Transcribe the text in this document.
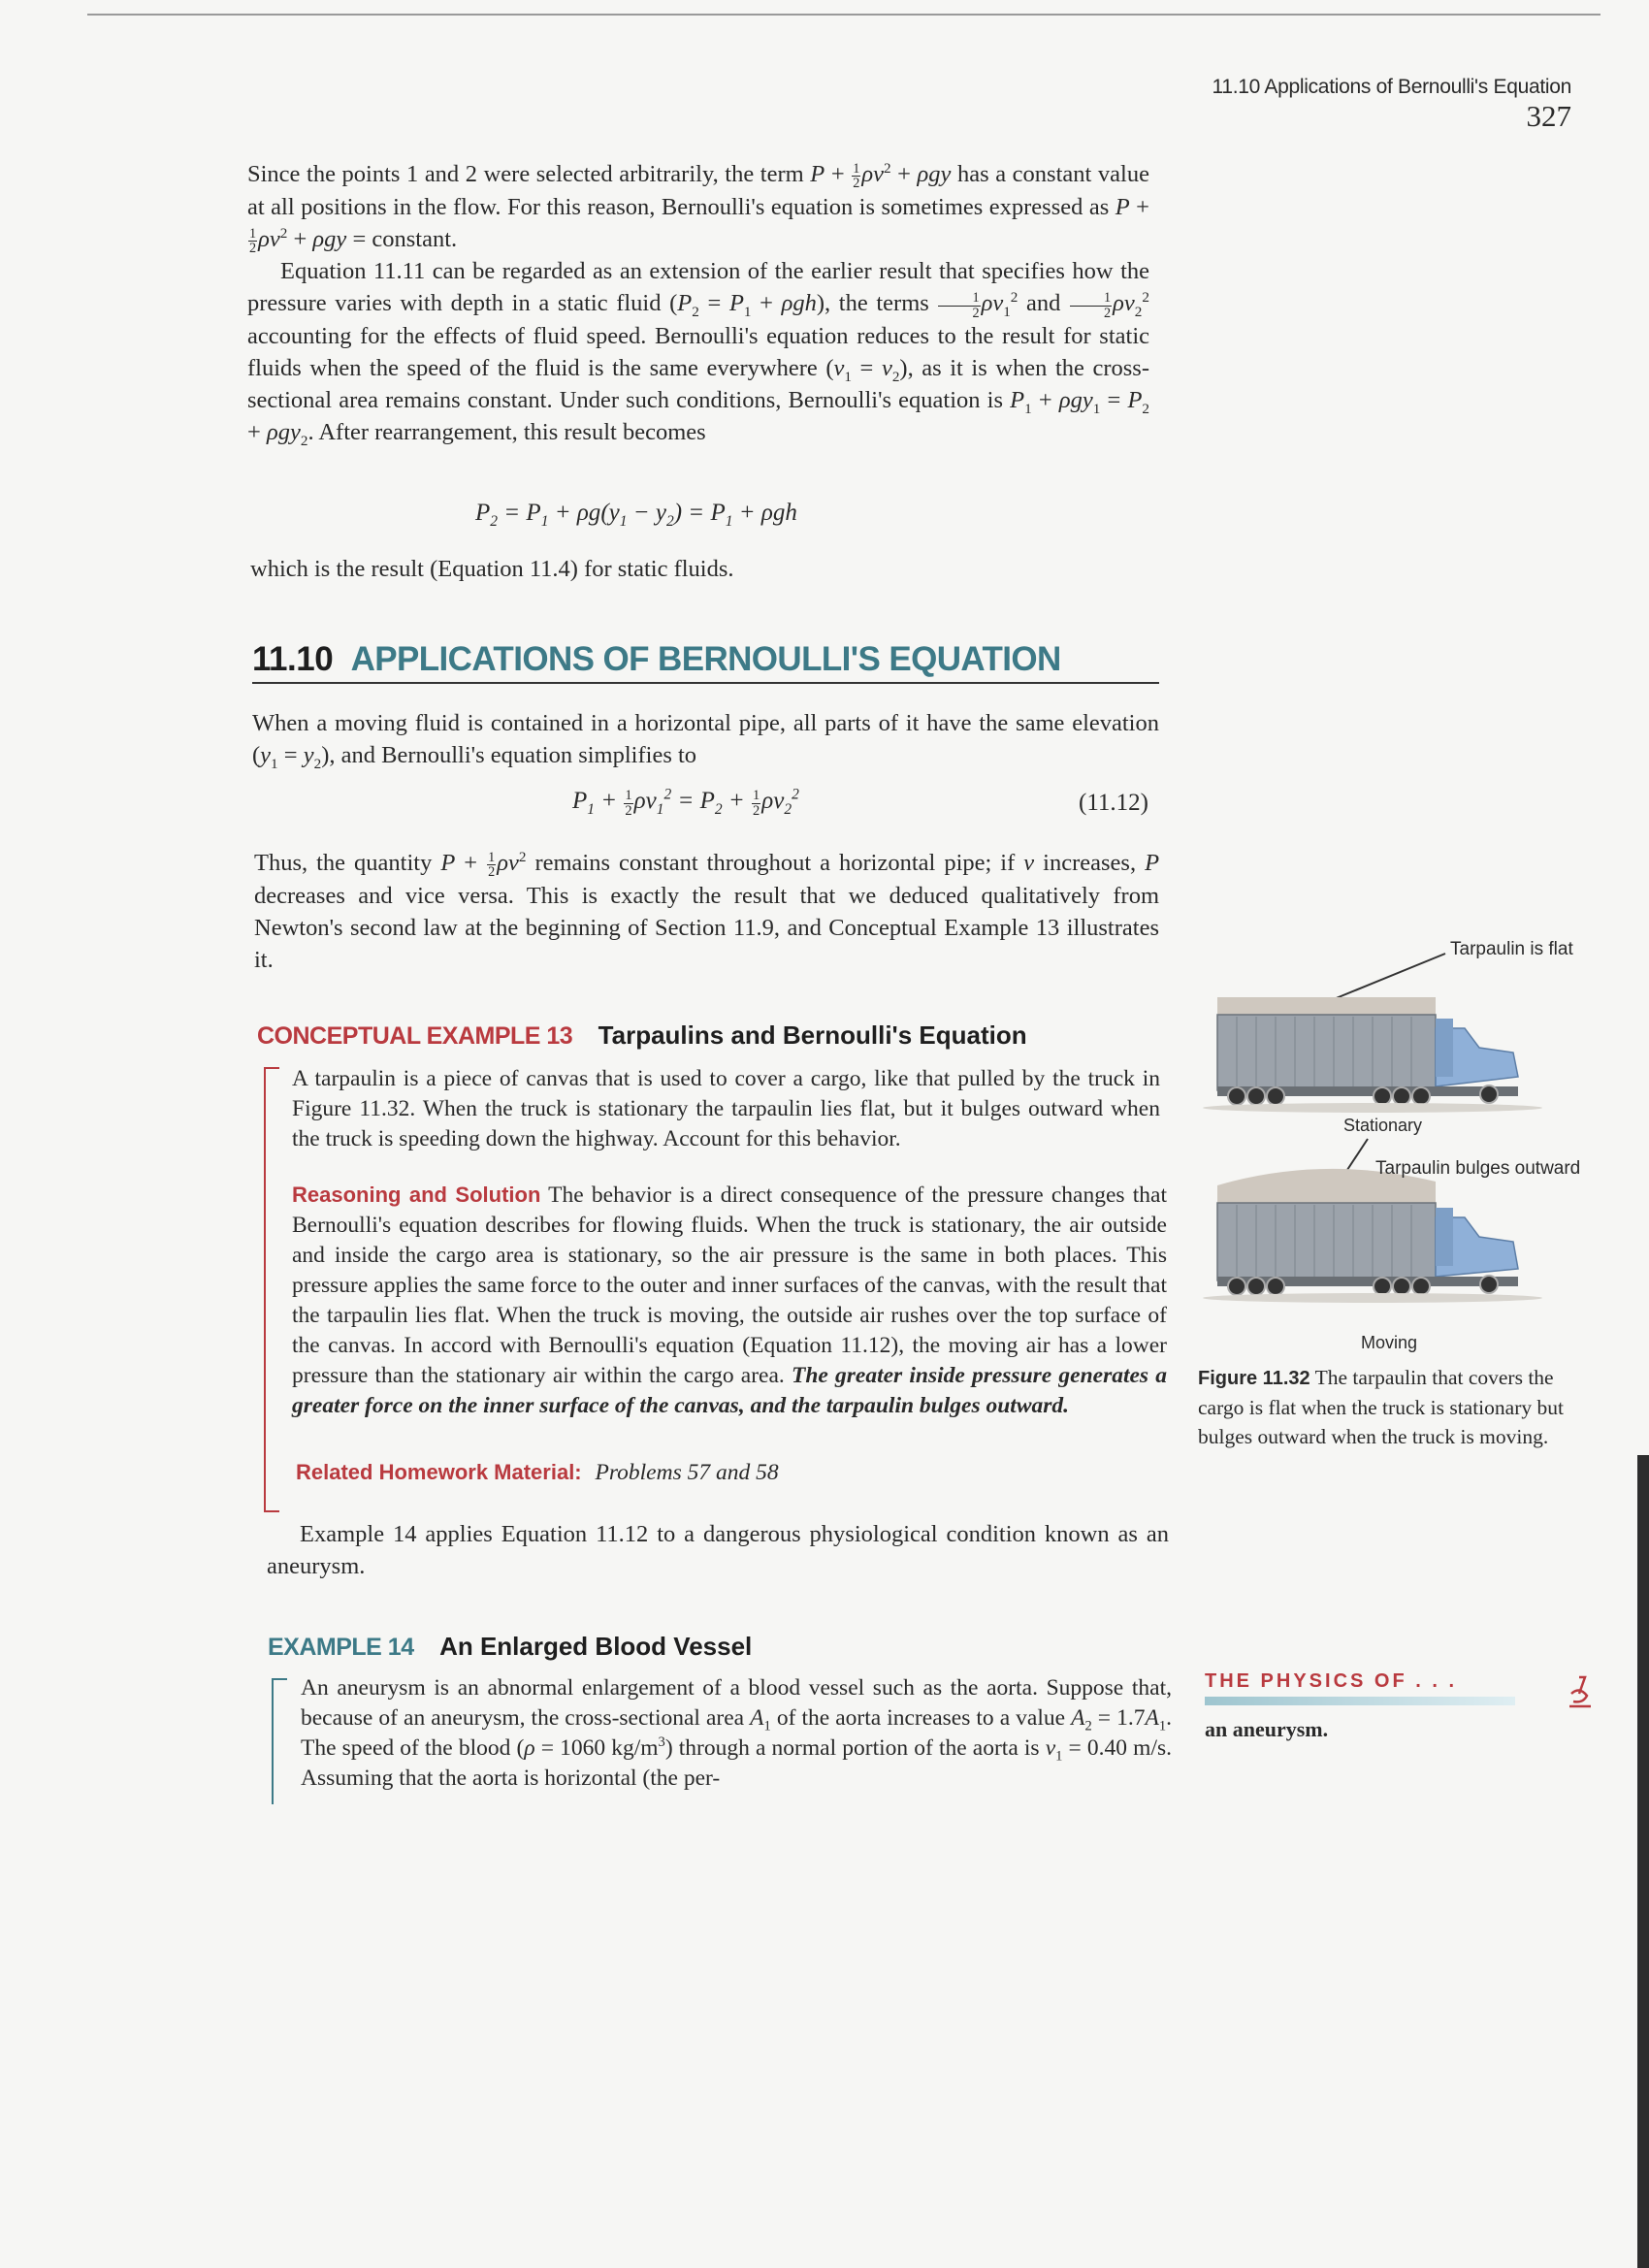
11.10 Applications of Bernoulli's Equation 327

Since the points 1 and 2 were selected arbitrarily, the term $P + \frac{1}{2} \rho v^2 + \rho gy$ has a constant value at all positions in the flow. For this reason, Bernoulli's equation is sometimes expressed as P +
$\frac{1}{2} \rho v^2 + \rho gy$ = constant.

Equation 11.11 can be regarded as an extension of the earlier result that specifies how the pressure varies with depth in a static fluid $(P_2 = P_1 + \rho gh)$, the terms $\frac{1}{2} \rho v_1^2$ and $\frac{1}{2} \rho v_2^2$ accounting for the effects of fluid speed. Bernoulli's equation reduces to the result for static fluids when the speed of the fluid is the same everywhere $(v_1 = v_2)$, as it is when the cross-sectional area remains constant. Under such conditions, Bernoulli's equation is $P_1 + \rho gy_1 = P_2 + \rho gy_2$. After rearrangement, this result becomes

$P_2 = P_1 + \rho g(y_1 - y_2) = P_1 + \rho gh$
which is the result (Equation 11.4) for static fluids.
11.10 APPLICATIONS OF BERNOULLI'S EQUATION

When a moving fluid is contained in a horizontal pipe, all parts of it have the same elevation $(y_1 = y_2)$, and Bernoulli's equation simplifies to

$P_1 + \frac{1}{2} \rho v_1^2 = P_2 + \frac{1}{2} \rho v_2^2$	(11.12)

Thus, the quantity $P + \frac{1}{2} \rho v^2$ remains constant throughout a horizontal pipe; if v increases, P decreases and vice versa. This is exactly the result that we deduced qualitatively from Newton's second law at the beginning of Section 11.9, and Conceptual Example 13 illustrates it.

CONCEPTUAL EXAMPLE 13 Tarpaulins and Bernoulli's Equation
A tarpaulin is a piece of canvas that is used to cover a cargo, like that pulled by the truck in Figure 11.32. When the truck is stationary the tarpaulin lies flat, but it bulges outward when the truck is speeding down the highway. Account for this behavior.

Reasoning and Solution The behavior is a direct consequence of the pressure changes that Bernoulli's equation describes for flowing fluids. When the truck is stationary, the air outside and inside the cargo area is stationary, so the air pressure is the same in both places. This pressure applies the same force to the outer and inner surfaces of the canvas, with the result that the tarpaulin lies flat. When the truck is moving, the outside air rushes over the top surface of the canvas. In accord with Bernoulli's equation (Equation 11.12), the moving air has a lower pressure than the stationary air within the cargo area. The greater inside pressure generates a greater force on the inner surface of the canvas, and the tarpaulin bulges outward.

Related Homework Material: Problems 57 and 58

Example 14 applies Equation 11.12 to a dangerous physiological condition known as an aneurysm.

EXAMPLE 14 An Enlarged Blood Vessel

An aneurysm is an abnormal enlargement of a blood vessel such as the aorta. Suppose that, because of an aneurysm, the cross-sectional area $A_1$ of the aorta increases to a value $A_2 = 1.7A_1$. The speed of the blood (ρ = 1060 $kg/m^3$) through a normal portion of the aorta is $v_1 = 0.40$ m/s. Assuming that the aorta is horizontal (the per-

Tarpaulin is flat
Stationary
Tarpaulin bulges outward
Moving
Figure 11.32 The tarpaulin that covers the cargo is flat when the truck is stationary but bulges outward when the truck is moving.
THE PHYSICS OF . . .
an aneurysm.
